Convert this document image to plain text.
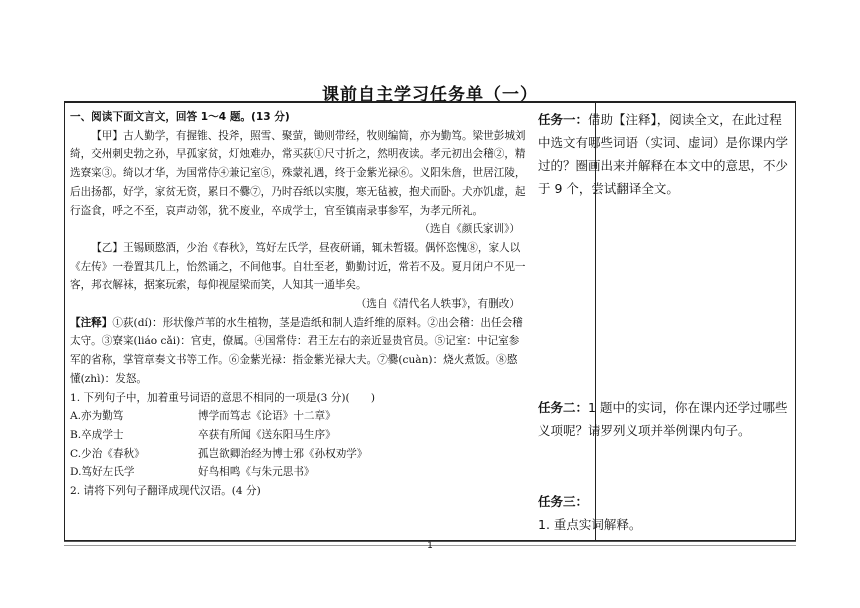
课前自主学习任务单（一）

一、阅读下面文言文，回答 1～4 题。(13 分)

【甲】古人勤学，有握锥、投斧，照雪、聚萤，锄则带经，牧则编简，亦为勤笃。梁世彭城刘绮，交州刺史勃之孙，早孤家贫，灯烛难办，常买荻①尺寸折之，然明夜读。孝元初出会稽②，精选寮寀③。绮以才华，为国常侍④兼记室⑤，殊蒙礼遇，终于金紫光禄⑥。义阳朱詹，世居江陵，后出扬都，好学，家贫无资，累日不爨⑦，乃时吞纸以实腹，寒无毡被，抱犬而卧。犬亦饥虚，起行盗食，呼之不至，哀声动邻，犹不废业，卒成学士，官至镇南录事参军，为孝元所礼。

（选自《颜氏家训》）

【乙】王锡顾愍酒，少治《春秋》，笃好左氏学，昼夜研诵，辄未暂辍。偶怀恣愧⑧，家人以《左传》一卷置其几上，怡然诵之，不间他事。自壮至老，勤勤讨近，常若不及。夏月闭户不见一客，邦衣解袜，据案玩索，每仰视屋梁而笑，人知其一通毕矣。

（选自《清代名人轶事》，有删改）

【注释】①荻(dí)：形状像芦苇的水生植物，茎是造纸和制人造纤维的原料。②出会稽：出任会稽太守。③寮寀(liáo cǎi)：官吏，僚属。④国常侍：君王左右的亲近显贵官员。⑤记室：中记室参军的省称，掌管章奏文书等工作。⑥金紫光禄：指金紫光禄大夫。⑦爨(cuàn)：烧火煮饭。⑧愍懂(zhì)：发怒。

1. 下列句子中，加着重号词语的意思不相同的一项是(3 分)(　　)

A.亦为勤笃	博学而笃志《论语》十二章》
B.卒成学士	卒获有所闻《送东阳马生序》
C.少治《春秋》	孤岂欲卿治经为博士邪《孙权劝学》
D.笃好左氏学	好鸟相鸣《与朱元思书》

2. 请将下列句子翻译成现代汉语。(4 分)

任务一：借助【注释】，阅读全文，在此过程中选文有哪些词语（实词、虚词）是你课内学过的？圈画出来并解释在本文中的意思，不少于 9 个，尝试翻译全文。
任务二：1 题中的实词，你在课内还学过哪些义项呢？请罗列义项并举例课内句子。
任务三：
1. 重点实词解释。
1
